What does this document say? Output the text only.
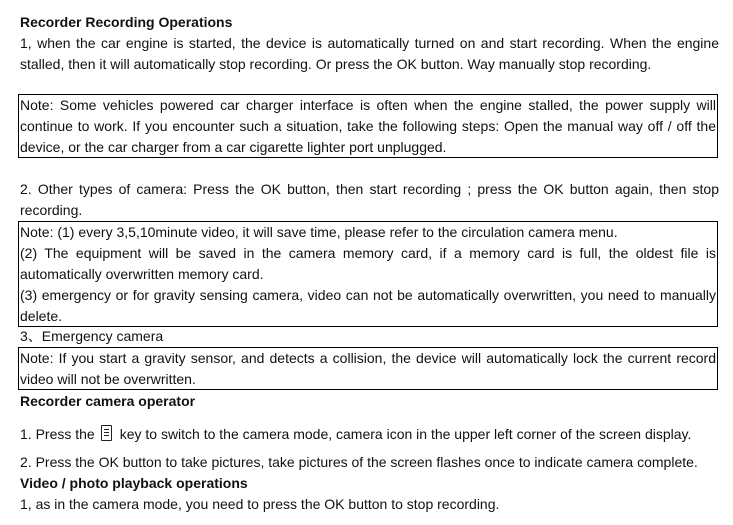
Recorder Recording Operations

1, when the car engine is started, the device is automatically turned on and start recording. When the engine stalled, then it will automatically stop recording. Or press the OK button. Way manually stop recording.

Note: Some vehicles powered car charger interface is often when the engine stalled, the power supply will continue to work. If you encounter such a situation, take the following steps: Open the manual way off / off the device, or the car charger from a car cigarette lighter port unplugged.

2. Other types of camera: Press the OK button, then start recording ; press the OK button again, then stop recording.

Note: (1) every 3,5,10minute video, it will save time, please refer to the circulation camera menu.

(2) The equipment will be saved in the camera memory card, if a memory card is full, the oldest file is automatically overwritten memory card.

(3) emergency or for gravity sensing camera, video can not be automatically overwritten, you need to manually delete.

3、Emergency camera

Note: If you start a gravity sensor, and detects a collision, the device will automatically lock the current record video will not be overwritten.

Recorder camera operator

1. Press the key to switch to the camera mode, camera icon in the upper left corner of the screen display.

2. Press the OK button to take pictures, take pictures of the screen flashes once to indicate camera complete.

Video / photo playback operations

1, as in the camera mode, you need to press the OK button to stop recording.
